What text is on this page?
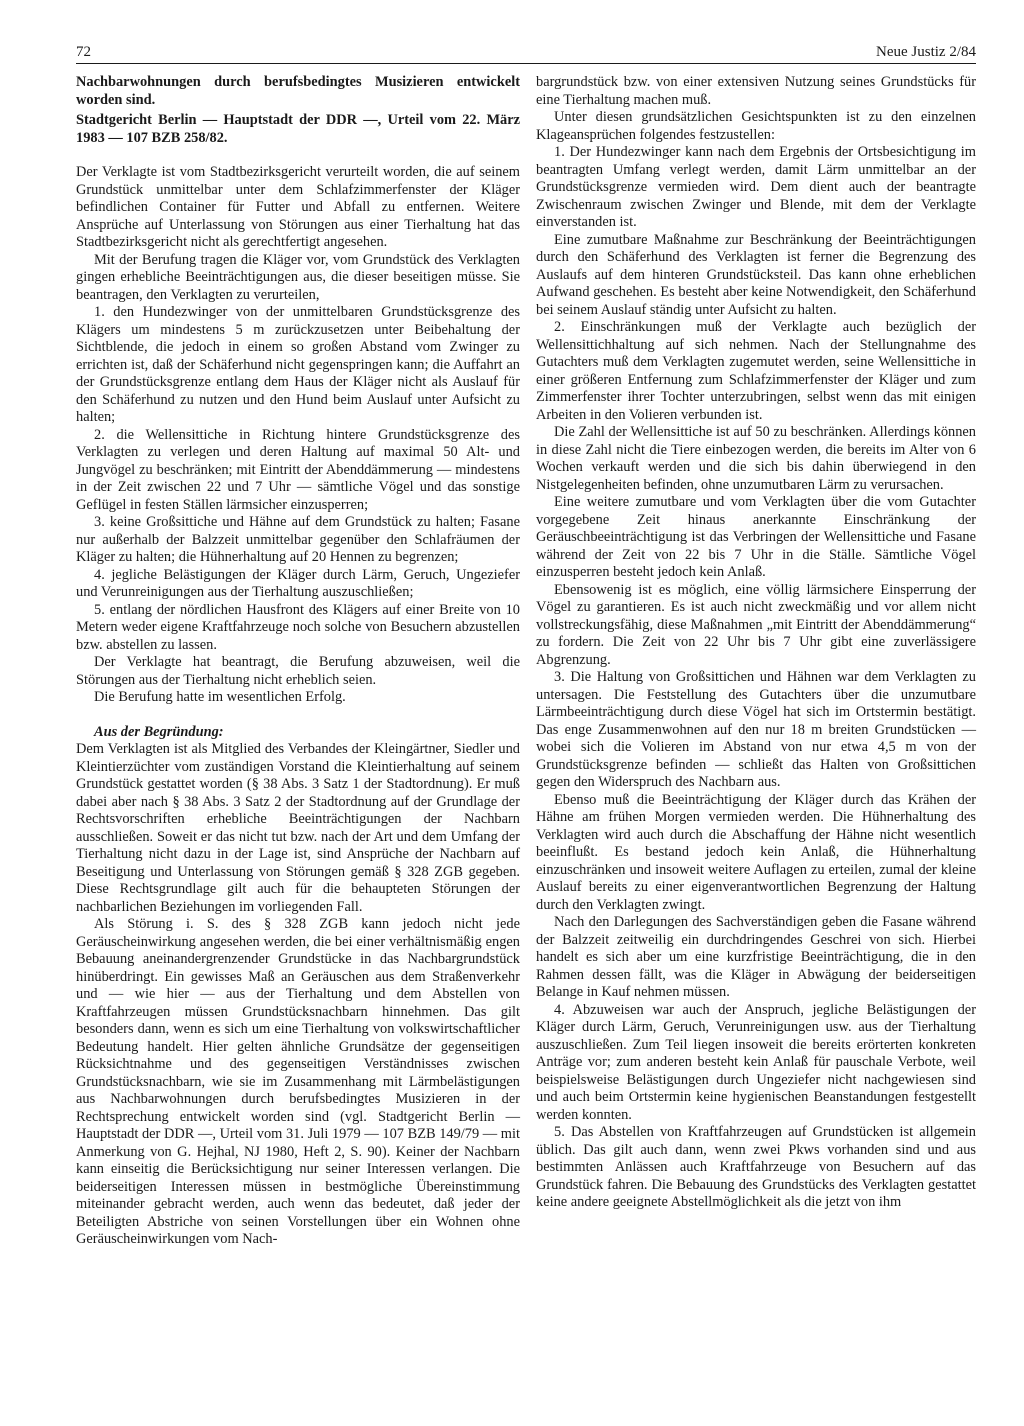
72	Neue Justiz 2/84

Nachbarwohnungen durch berufsbedingtes Musizieren entwickelt worden sind.

Stadtgericht Berlin — Hauptstadt der DDR —, Urteil vom 22. März 1983 — 107 BZB 258/82.

Der Verklagte ist vom Stadtbezirksgericht verurteilt worden, die auf seinem Grundstück unmittelbar unter dem Schlafzimmerfenster der Kläger befindlichen Container für Futter und Abfall zu entfernen. Weitere Ansprüche auf Unterlassung von Störungen aus einer Tierhaltung hat das Stadtbezirksgericht nicht als gerechtfertigt angesehen.

Mit der Berufung tragen die Kläger vor, vom Grundstück des Verklagten gingen erhebliche Beeinträchtigungen aus, die dieser beseitigen müsse. Sie beantragen, den Verklagten zu verurteilen,

1. den Hundezwinger von der unmittelbaren Grundstücksgrenze des Klägers um mindestens 5 m zurückzusetzen unter Beibehaltung der Sichtblende, die jedoch in einem so großen Abstand vom Zwinger zu errichten ist, daß der Schäferhund nicht gegenspringen kann; die Auffahrt an der Grundstücksgrenze entlang dem Haus der Kläger nicht als Auslauf für den Schäferhund zu nutzen und den Hund beim Auslauf unter Aufsicht zu halten;

2. die Wellensittiche in Richtung hintere Grundstücksgrenze des Verklagten zu verlegen und deren Haltung auf maximal 50 Alt- und Jungvögel zu beschränken; mit Eintritt der Abenddämmerung — mindestens in der Zeit zwischen 22 und 7 Uhr — sämtliche Vögel und das sonstige Geflügel in festen Ställen lärmsicher einzusperren;

3. keine Großsittiche und Hähne auf dem Grundstück zu halten; Fasane nur außerhalb der Balzzeit unmittelbar gegenüber den Schlafräumen der Kläger zu halten; die Hühnerhaltung auf 20 Hennen zu begrenzen;

4. jegliche Belästigungen der Kläger durch Lärm, Geruch, Ungeziefer und Verunreinigungen aus der Tierhaltung auszuschließen;

5. entlang der nördlichen Hausfront des Klägers auf einer Breite von 10 Metern weder eigene Kraftfahrzeuge noch solche von Besuchern abzustellen bzw. abstellen zu lassen.

Der Verklagte hat beantragt, die Berufung abzuweisen, weil die Störungen aus der Tierhaltung nicht erheblich seien.

Die Berufung hatte im wesentlichen Erfolg.

Aus der Begründung:

Dem Verklagten ist als Mitglied des Verbandes der Kleingärtner, Siedler und Kleintierzüchter vom zuständigen Vorstand die Kleintierhaltung auf seinem Grundstück gestattet worden (§ 38 Abs. 3 Satz 1 der Stadtordnung). Er muß dabei aber nach § 38 Abs. 3 Satz 2 der Stadtordnung auf der Grundlage der Rechtsvorschriften erhebliche Beeinträchtigungen der Nachbarn ausschließen. Soweit er das nicht tut bzw. nach der Art und dem Umfang der Tierhaltung nicht dazu in der Lage ist, sind Ansprüche der Nachbarn auf Beseitigung und Unterlassung von Störungen gemäß § 328 ZGB gegeben. Diese Rechtsgrundlage gilt auch für die behaupteten Störungen der nachbarlichen Beziehungen im vorliegenden Fall.

Als Störung i. S. des § 328 ZGB kann jedoch nicht jede Geräuscheinwirkung angesehen werden, die bei einer verhältnismäßig engen Bebauung aneinandergrenzender Grundstücke in das Nachbargrundstück hinüberdringt. Ein gewisses Maß an Geräuschen aus dem Straßenverkehr und — wie hier — aus der Tierhaltung und dem Abstellen von Kraftfahrzeugen müssen Grundstücksnachbarn hinnehmen. Das gilt besonders dann, wenn es sich um eine Tierhaltung von volkswirtschaftlicher Bedeutung handelt. Hier gelten ähnliche Grundsätze der gegenseitigen Rücksichtnahme und des gegenseitigen Verständnisses zwischen Grundstücksnachbarn, wie sie im Zusammenhang mit Lärmbelästigungen aus Nachbarwohnungen durch berufsbedingtes Musizieren in der Rechtsprechung entwickelt worden sind (vgl. Stadtgericht Berlin — Hauptstadt der DDR —, Urteil vom 31. Juli 1979 — 107 BZB 149/79 — mit Anmerkung von G. Hejhal, NJ 1980, Heft 2, S. 90). Keiner der Nachbarn kann einseitig die Berücksichtigung nur seiner Interessen verlangen. Die beiderseitigen Interessen müssen in bestmögliche Übereinstimmung miteinander gebracht werden, auch wenn das bedeutet, daß jeder der Beteiligten Abstriche von seinen Vorstellungen über ein Wohnen ohne Geräuscheinwirkungen vom Nach-

bargrundstück bzw. von einer extensiven Nutzung seines Grundstücks für eine Tierhaltung machen muß.

Unter diesen grundsätzlichen Gesichtspunkten ist zu den einzelnen Klageansprüchen folgendes festzustellen:

1. Der Hundezwinger kann nach dem Ergebnis der Ortsbesichtigung im beantragten Umfang verlegt werden, damit Lärm unmittelbar an der Grundstücksgrenze vermieden wird. Dem dient auch der beantragte Zwischenraum zwischen Zwinger und Blende, mit dem der Verklagte einverstanden ist.

Eine zumutbare Maßnahme zur Beschränkung der Beeinträchtigungen durch den Schäferhund des Verklagten ist ferner die Begrenzung des Auslaufs auf dem hinteren Grundstücksteil. Das kann ohne erheblichen Aufwand geschehen. Es besteht aber keine Notwendigkeit, den Schäferhund bei seinem Auslauf ständig unter Aufsicht zu halten.

2. Einschränkungen muß der Verklagte auch bezüglich der Wellensittichhaltung auf sich nehmen. Nach der Stellungnahme des Gutachters muß dem Verklagten zugemutet werden, seine Wellensittiche in einer größeren Entfernung zum Schlafzimmerfenster der Kläger und zum Zimmerfenster ihrer Tochter unterzubringen, selbst wenn das mit einigen Arbeiten in den Volieren verbunden ist.

Die Zahl der Wellensittiche ist auf 50 zu beschränken. Allerdings können in diese Zahl nicht die Tiere einbezogen werden, die bereits im Alter von 6 Wochen verkauft werden und die sich bis dahin überwiegend in den Nistgelegenheiten befinden, ohne unzumutbaren Lärm zu verursachen.

Eine weitere zumutbare und vom Verklagten über die vom Gutachter vorgegebene Zeit hinaus anerkannte Einschränkung der Geräuschbeeinträchtigung ist das Verbringen der Wellensittiche und Fasane während der Zeit von 22 bis 7 Uhr in die Ställe. Sämtliche Vögel einzusperren besteht jedoch kein Anlaß.

Ebensowenig ist es möglich, eine völlig lärmsichere Einsperrung der Vögel zu garantieren. Es ist auch nicht zweckmäßig und vor allem nicht vollstreckungsfähig, diese Maßnahmen „mit Eintritt der Abenddämmerung“ zu fordern. Die Zeit von 22 Uhr bis 7 Uhr gibt eine zuverlässigere Abgrenzung.

3. Die Haltung von Großsittichen und Hähnen war dem Verklagten zu untersagen. Die Feststellung des Gutachters über die unzumutbare Lärmbeeinträchtigung durch diese Vögel hat sich im Ortstermin bestätigt. Das enge Zusammenwohnen auf den nur 18 m breiten Grundstücken — wobei sich die Volieren im Abstand von nur etwa 4,5 m von der Grundstücksgrenze befinden — schließt das Halten von Großsittichen gegen den Widerspruch des Nachbarn aus.

Ebenso muß die Beeinträchtigung der Kläger durch das Krähen der Hähne am frühen Morgen vermieden werden. Die Hühnerhaltung des Verklagten wird auch durch die Abschaffung der Hähne nicht wesentlich beeinflußt. Es bestand jedoch kein Anlaß, die Hühnerhaltung einzuschränken und insoweit weitere Auflagen zu erteilen, zumal der kleine Auslauf bereits zu einer eigenverantwortlichen Begrenzung der Haltung durch den Verklagten zwingt.

Nach den Darlegungen des Sachverständigen geben die Fasane während der Balzzeit zeitweilig ein durchdringendes Geschrei von sich. Hierbei handelt es sich aber um eine kurzfristige Beeinträchtigung, die in den Rahmen dessen fällt, was die Kläger in Abwägung der beiderseitigen Belange in Kauf nehmen müssen.

4. Abzuweisen war auch der Anspruch, jegliche Belästigungen der Kläger durch Lärm, Geruch, Verunreinigungen usw. aus der Tierhaltung auszuschließen. Zum Teil liegen insoweit die bereits erörterten konkreten Anträge vor; zum anderen besteht kein Anlaß für pauschale Verbote, weil beispielsweise Belästigungen durch Ungeziefer nicht nachgewiesen sind und auch beim Ortstermin keine hygienischen Beanstandungen festgestellt werden konnten.

5. Das Abstellen von Kraftfahrzeugen auf Grundstücken ist allgemein üblich. Das gilt auch dann, wenn zwei Pkws vorhanden sind und aus bestimmten Anlässen auch Kraftfahrzeuge von Besuchern auf das Grundstück fahren. Die Bebauung des Grundstücks des Verklagten gestattet keine andere geeignete Abstellmöglichkeit als die jetzt von ihm
